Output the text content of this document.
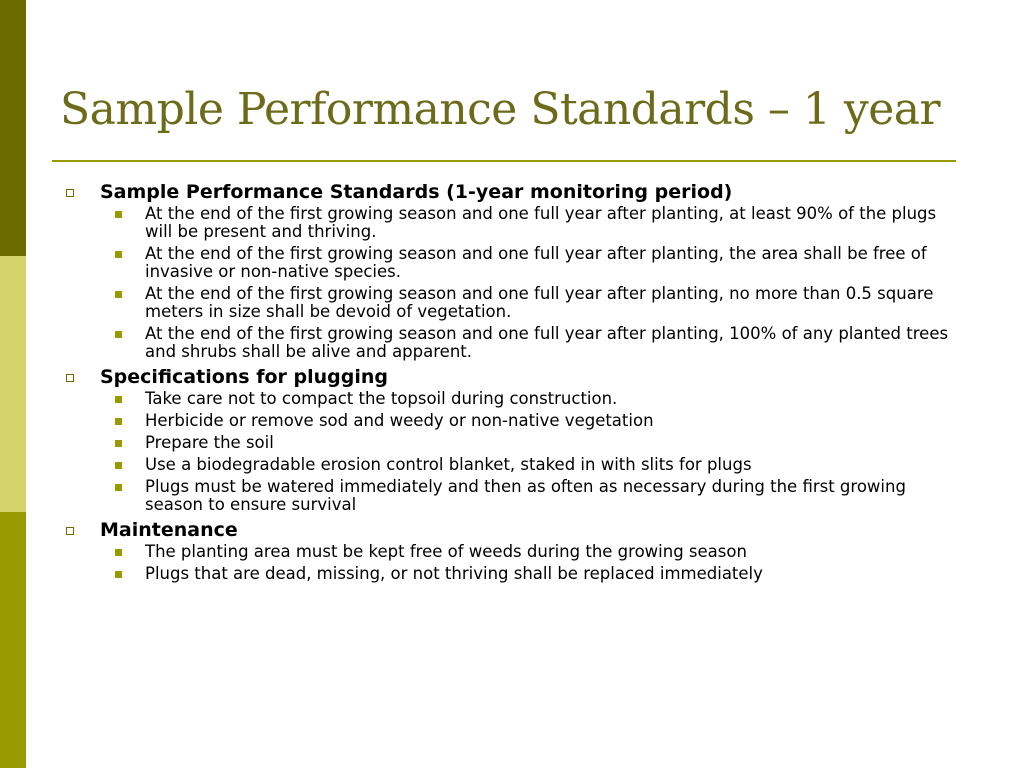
Sample Performance Standards – 1 year
Sample Performance Standards (1-year monitoring period)
At the end of the first growing season and one full year after planting, at least 90% of the plugs will be present and thriving.
At the end of the first growing season and one full year after planting, the area shall be free of invasive or non-native species.
At the end of the first growing season and one full year after planting, no more than 0.5 square meters in size shall be devoid of vegetation.
At the end of the first growing season and one full year after planting, 100% of any planted trees and shrubs shall be alive and apparent.
Specifications for plugging
Take care not to compact the topsoil during construction.
Herbicide or remove sod and weedy or non-native vegetation
Prepare the soil
Use a biodegradable erosion control blanket, staked in with slits for plugs
Plugs must be watered immediately and then as often as necessary during the first growing season to ensure survival
Maintenance
The planting area must be kept free of weeds during the growing season
Plugs that are dead, missing, or not thriving shall be replaced immediately
